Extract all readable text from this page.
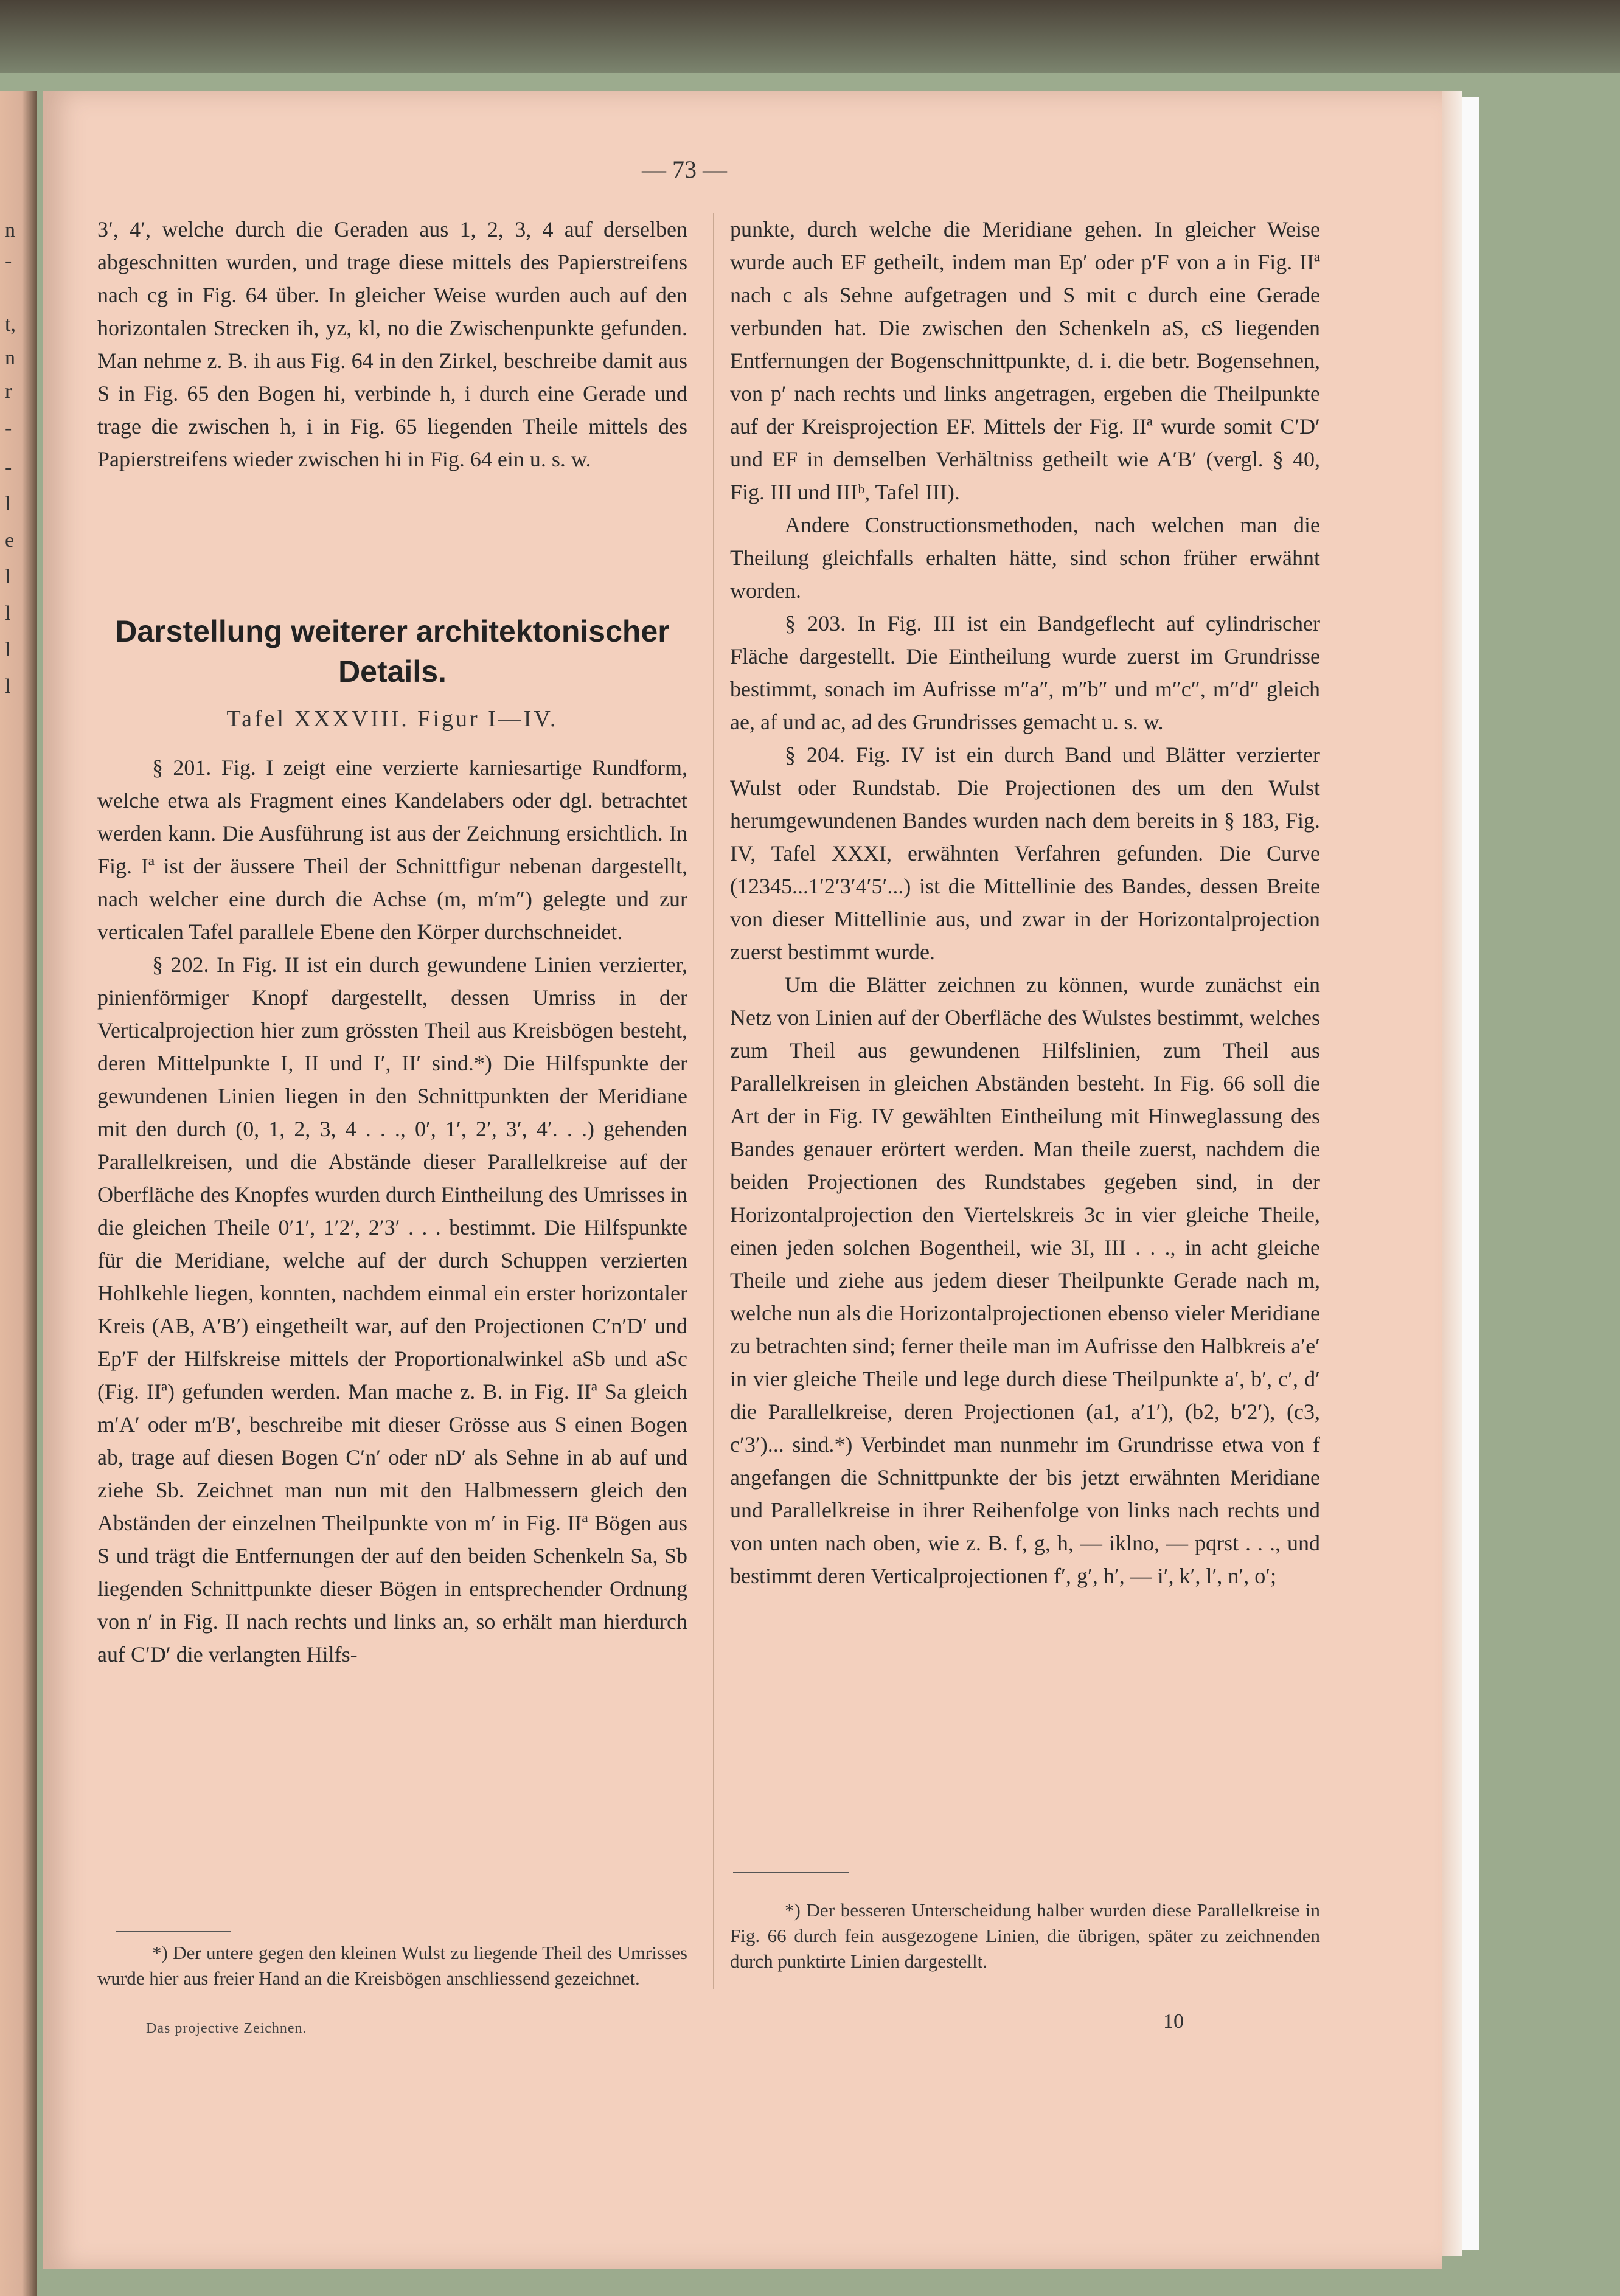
n
-
t,
n
r
-
-
l
e
l
l
l
l
— 73 —

3′, 4′, welche durch die Geraden aus 1, 2, 3, 4 auf derselben abgeschnitten wurden, und trage diese mittels des Papierstreifens nach cg in Fig. 64 über. In gleicher Weise wurden auch auf den horizontalen Strecken ih, yz, kl, no die Zwischenpunkte gefunden. Man nehme z. B. ih aus Fig. 64 in den Zirkel, beschreibe damit aus S in Fig. 65 den Bogen hi, verbinde h, i durch eine Gerade und trage die zwischen h, i in Fig. 65 liegenden Theile mittels des Papierstreifens wieder zwischen hi in Fig. 64 ein u. s. w.

Darstellung weiterer architektonischer Details.
Tafel XXXVIII. Figur I—IV.

§ 201. Fig. I zeigt eine verzierte karniesartige Rundform, welche etwa als Fragment eines Kandelabers oder dgl. betrachtet werden kann. Die Ausführung ist aus der Zeichnung ersichtlich. In Fig. Iª ist der äussere Theil der Schnittfigur nebenan dargestellt, nach welcher eine durch die Achse (m, m′m″) gelegte und zur verticalen Tafel parallele Ebene den Körper durchschneidet.

§ 202. In Fig. II ist ein durch gewundene Linien verzierter, pinienförmiger Knopf dargestellt, dessen Umriss in der Verticalprojection hier zum grössten Theil aus Kreisbögen besteht, deren Mittelpunkte I, II und I′, II′ sind.*) Die Hilfspunkte der gewundenen Linien liegen in den Schnittpunkten der Meridiane mit den durch (0, 1, 2, 3, 4 . . ., 0′, 1′, 2′, 3′, 4′. . .) gehenden Parallelkreisen, und die Abstände dieser Parallelkreise auf der Oberfläche des Knopfes wurden durch Eintheilung des Umrisses in die gleichen Theile 0′1′, 1′2′, 2′3′ . . . bestimmt. Die Hilfspunkte für die Meridiane, welche auf der durch Schuppen verzierten Hohlkehle liegen, konnten, nachdem einmal ein erster horizontaler Kreis (AB, A′B′) eingetheilt war, auf den Projectionen C′n′D′ und Ep′F der Hilfskreise mittels der Proportionalwinkel aSb und aSc (Fig. IIª) gefunden werden. Man mache z. B. in Fig. IIª Sa gleich m′A′ oder m′B′, beschreibe mit dieser Grösse aus S einen Bogen ab, trage auf diesen Bogen C′n′ oder nD′ als Sehne in ab auf und ziehe Sb. Zeichnet man nun mit den Halbmessern gleich den Abständen der einzelnen Theilpunkte von m′ in Fig. IIª Bögen aus S und trägt die Entfernungen der auf den beiden Schenkeln Sa, Sb liegenden Schnittpunkte dieser Bögen in entsprechender Ordnung von n′ in Fig. II nach rechts und links an, so erhält man hierdurch auf C′D′ die verlangten Hilfs-

*) Der untere gegen den kleinen Wulst zu liegende Theil des Umrisses wurde hier aus freier Hand an die Kreisbögen anschliessend gezeichnet.
Das projective Zeichnen.

punkte, durch welche die Meridiane gehen. In gleicher Weise wurde auch EF getheilt, indem man Ep′ oder p′F von a in Fig. IIª nach c als Sehne aufgetragen und S mit c durch eine Gerade verbunden hat. Die zwischen den Schenkeln aS, cS liegenden Entfernungen der Bogenschnittpunkte, d. i. die betr. Bogensehnen, von p′ nach rechts und links angetragen, ergeben die Theilpunkte auf der Kreisprojection EF. Mittels der Fig. IIª wurde somit C′D′ und EF in demselben Verhältniss getheilt wie A′B′ (vergl. § 40, Fig. III und IIIᵇ, Tafel III).

Andere Constructionsmethoden, nach welchen man die Theilung gleichfalls erhalten hätte, sind schon früher erwähnt worden.

§ 203. In Fig. III ist ein Bandgeflecht auf cylindrischer Fläche dargestellt. Die Eintheilung wurde zuerst im Grundrisse bestimmt, sonach im Aufrisse m″a″, m″b″ und m″c″, m″d″ gleich ae, af und ac, ad des Grundrisses gemacht u. s. w.

§ 204. Fig. IV ist ein durch Band und Blätter verzierter Wulst oder Rundstab. Die Projectionen des um den Wulst herumgewundenen Bandes wurden nach dem bereits in § 183, Fig. IV, Tafel XXXI, erwähnten Verfahren gefunden. Die Curve (12345...1′2′3′4′5′...) ist die Mittellinie des Bandes, dessen Breite von dieser Mittellinie aus, und zwar in der Horizontalprojection zuerst bestimmt wurde.

Um die Blätter zeichnen zu können, wurde zunächst ein Netz von Linien auf der Oberfläche des Wulstes bestimmt, welches zum Theil aus gewundenen Hilfslinien, zum Theil aus Parallelkreisen in gleichen Abständen besteht. In Fig. 66 soll die Art der in Fig. IV gewählten Eintheilung mit Hinweglassung des Bandes genauer erörtert werden. Man theile zuerst, nachdem die beiden Projectionen des Rundstabes gegeben sind, in der Horizontalprojection den Viertelskreis 3c in vier gleiche Theile, einen jeden solchen Bogentheil, wie 3I, III . . ., in acht gleiche Theile und ziehe aus jedem dieser Theilpunkte Gerade nach m, welche nun als die Horizontalprojectionen ebenso vieler Meridiane zu betrachten sind; ferner theile man im Aufrisse den Halbkreis a′e′ in vier gleiche Theile und lege durch diese Theilpunkte a′, b′, c′, d′ die Parallelkreise, deren Projectionen (a1, a′1′), (b2, b′2′), (c3, c′3′)... sind.*) Verbindet man nunmehr im Grundrisse etwa von f angefangen die Schnittpunkte der bis jetzt erwähnten Meridiane und Parallelkreise in ihrer Reihenfolge von links nach rechts und von unten nach oben, wie z. B. f, g, h, — iklno, — pqrst . . ., und bestimmt deren Verticalprojectionen f′, g′, h′, — i′, k′, l′, n′, o′;

*) Der besseren Unterscheidung halber wurden diese Parallelkreise in Fig. 66 durch fein ausgezogene Linien, die übrigen, später zu zeichnenden durch punktirte Linien dargestellt.
10
